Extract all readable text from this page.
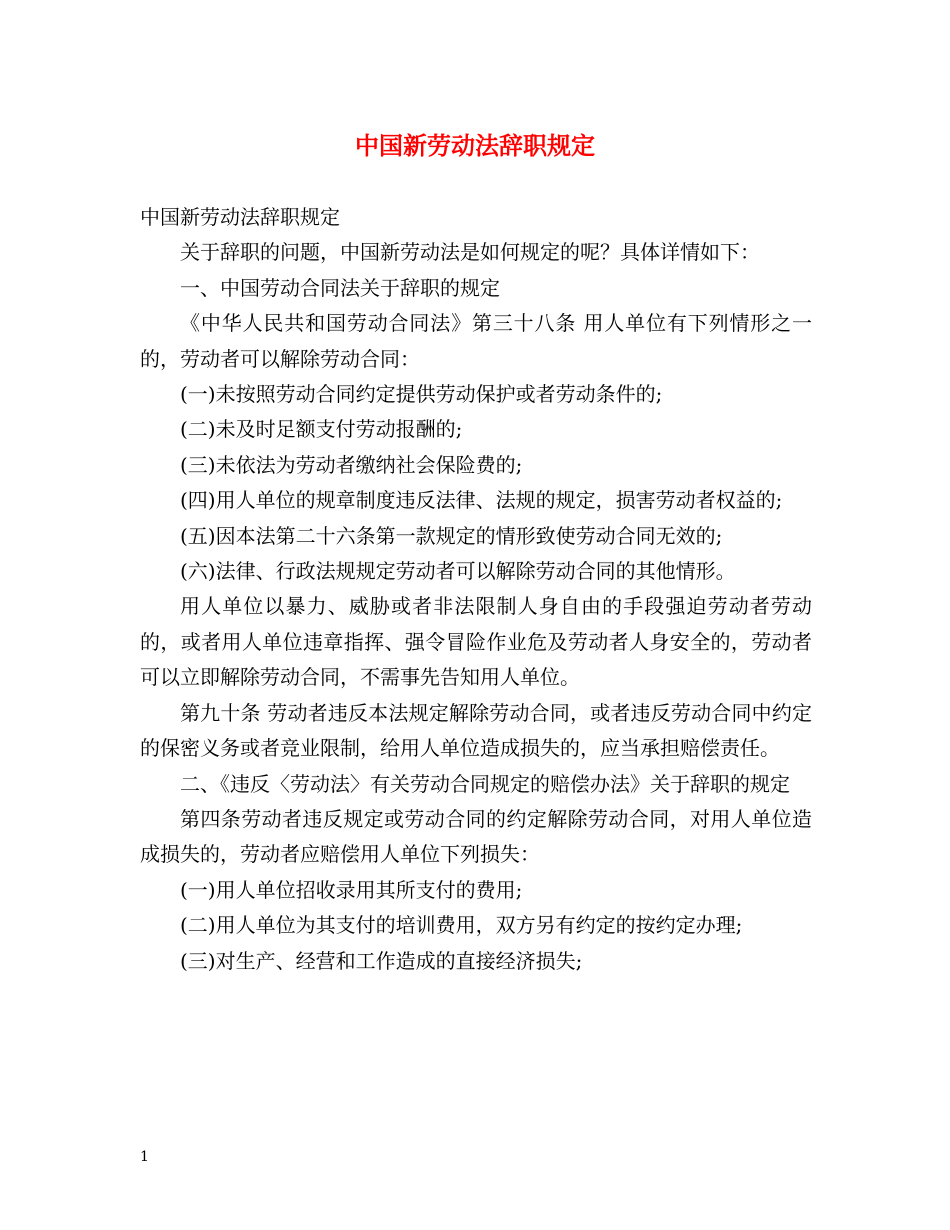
中国新劳动法辞职规定

中国新劳动法辞职规定

关于辞职的问题，中国新劳动法是如何规定的呢？具体详情如下：

一、中国劳动合同法关于辞职的规定

《中华人民共和国劳动合同法》第三十八条 用人单位有下列情形之一的，劳动者可以解除劳动合同：

(一)未按照劳动合同约定提供劳动保护或者劳动条件的;

(二)未及时足额支付劳动报酬的;

(三)未依法为劳动者缴纳社会保险费的;

(四)用人单位的规章制度违反法律、法规的规定，损害劳动者权益的;

(五)因本法第二十六条第一款规定的情形致使劳动合同无效的;

(六)法律、行政法规规定劳动者可以解除劳动合同的其他情形。

用人单位以暴力、威胁或者非法限制人身自由的手段强迫劳动者劳动的，或者用人单位违章指挥、强令冒险作业危及劳动者人身安全的，劳动者可以立即解除劳动合同，不需事先告知用人单位。

第九十条 劳动者违反本法规定解除劳动合同，或者违反劳动合同中约定的保密义务或者竞业限制，给用人单位造成损失的，应当承担赔偿责任。

二、《违反〈劳动法〉有关劳动合同规定的赔偿办法》关于辞职的规定

第四条劳动者违反规定或劳动合同的约定解除劳动合同，对用人单位造成损失的，劳动者应赔偿用人单位下列损失：

(一)用人单位招收录用其所支付的费用;

(二)用人单位为其支付的培训费用，双方另有约定的按约定办理;

(三)对生产、经营和工作造成的直接经济损失;

1
